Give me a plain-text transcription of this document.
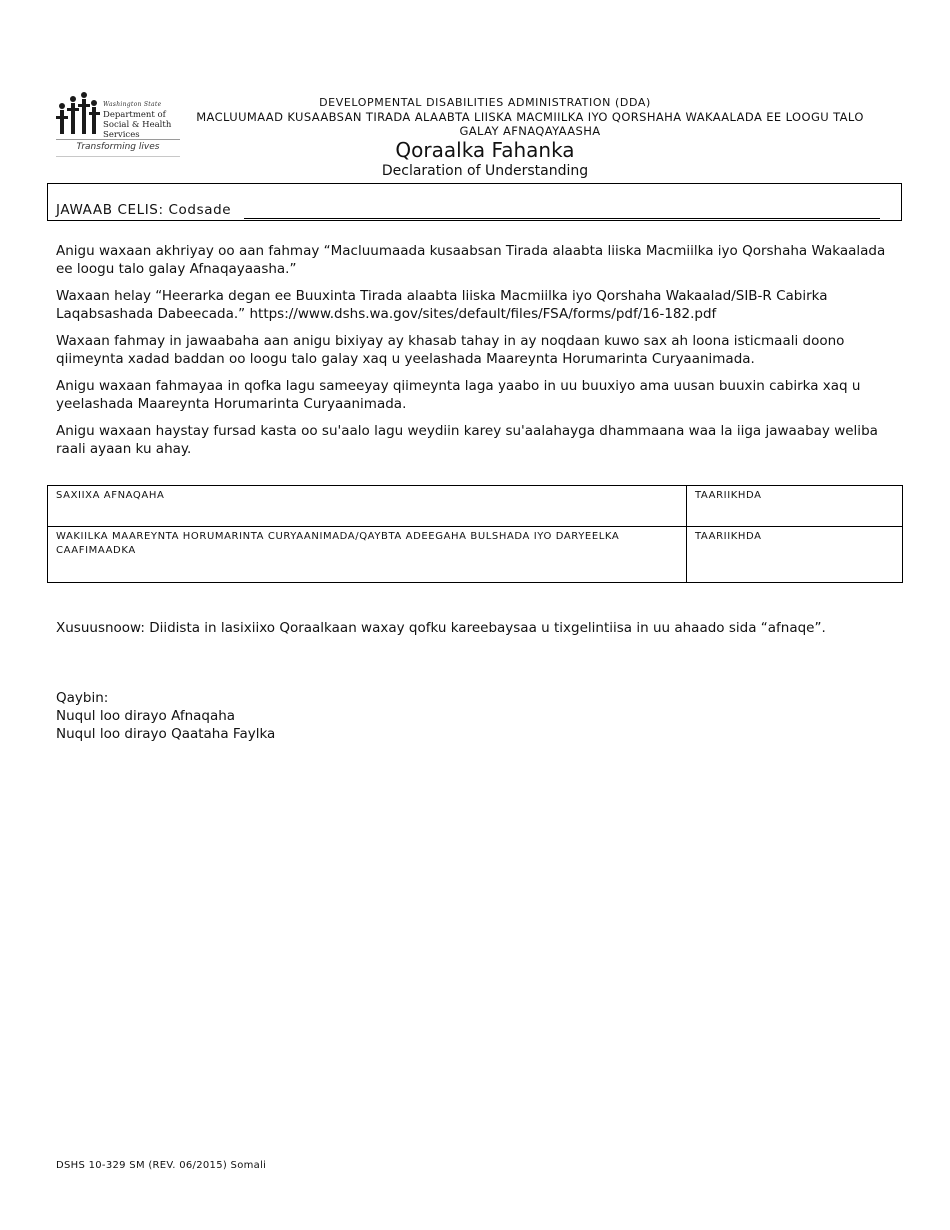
Washington State
Department of Social & Health Services
Transforming lives
DEVELOPMENTAL DISABILITIES ADMINISTRATION (DDA)
MACLUUMAAD KUSAABSAN TIRADA ALAABTA LIISKA MACMIILKA IYO QORSHAHA WAKAALADA EE LOOGU TALO GALAY AFNAQAYAASHA
Qoraalka Fahanka
Declaration of Understanding
JAWAAB CELIS: Codsade
Anigu waxaan akhriyay oo aan fahmay “Macluumaada kusaabsan Tirada alaabta liiska Macmiilka iyo Qorshaha Wakaalada ee loogu talo galay Afnaqayaasha.”
Waxaan helay “Heerarka degan ee Buuxinta Tirada alaabta liiska Macmiilka iyo Qorshaha Wakaalad/SIB-R Cabirka Laqabsashada Dabeecada.” https://www.dshs.wa.gov/sites/default/files/FSA/forms/pdf/16-182.pdf
Waxaan fahmay in jawaabaha aan anigu bixiyay ay khasab tahay in ay noqdaan kuwo sax ah loona isticmaali doono qiimeynta xadad baddan oo loogu talo galay xaq u yeelashada Maareynta Horumarinta Curyaanimada.
Anigu waxaan fahmayaa in qofka lagu sameeyay qiimeynta laga yaabo in uu buuxiyo ama uusan buuxin cabirka xaq u yeelashada Maareynta Horumarinta Curyaanimada.
Anigu waxaan haystay fursad kasta oo su'aalo lagu weydiin karey su'aalahayga dhammaana waa la iiga jawaabay weliba raali ayaan ku ahay.
SAXIIXA AFNAQAHA	TAARIIKHDA
WAKIILKA MAAREYNTA HORUMARINTA CURYAANIMADA/QAYBTA ADEEGAHA BULSHADA IYO DARYEELKA CAAFIMAADKA	TAARIIKHDA
Xusuusnoow: Diidista in lasixiixo Qoraalkaan waxay qofku kareebaysaa u tixgelintiisa in uu ahaado sida “afnaqe”.
Qaybin:
Nuqul loo dirayo Afnaqaha
Nuqul loo dirayo Qaataha Faylka
DSHS 10-329 SM (REV. 06/2015) Somali
